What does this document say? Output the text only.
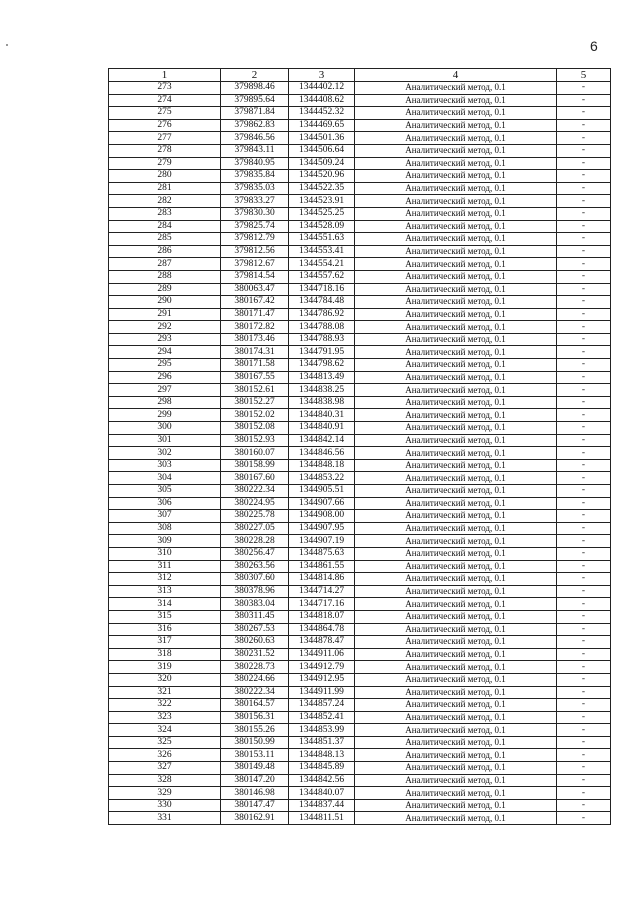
6
1	2	3	4	5
273	379898.46	1344402.12	Аналитический метод, 0.1	-
274	379895.64	1344408.62	Аналитический метод, 0.1	-
275	379871.84	1344452.32	Аналитический метод, 0.1	-
276	379862.83	1344469.65	Аналитический метод, 0.1	-
277	379846.56	1344501.36	Аналитический метод, 0.1	-
278	379843.11	1344506.64	Аналитический метод, 0.1	-
279	379840.95	1344509.24	Аналитический метод, 0.1	-
280	379835.84	1344520.96	Аналитический метод, 0.1	-
281	379835.03	1344522.35	Аналитический метод, 0.1	-
282	379833.27	1344523.91	Аналитический метод, 0.1	-
283	379830.30	1344525.25	Аналитический метод, 0.1	-
284	379825.74	1344528.09	Аналитический метод, 0.1	-
285	379812.79	1344551.63	Аналитический метод, 0.1	-
286	379812.56	1344553.41	Аналитический метод, 0.1	-
287	379812.67	1344554.21	Аналитический метод, 0.1	-
288	379814.54	1344557.62	Аналитический метод, 0.1	-
289	380063.47	1344718.16	Аналитический метод, 0.1	-
290	380167.42	1344784.48	Аналитический метод, 0.1	-
291	380171.47	1344786.92	Аналитический метод, 0.1	-
292	380172.82	1344788.08	Аналитический метод, 0.1	-
293	380173.46	1344788.93	Аналитический метод, 0.1	-
294	380174.31	1344791.95	Аналитический метод, 0.1	-
295	380171.58	1344798.62	Аналитический метод, 0.1	-
296	380167.55	1344813.49	Аналитический метод, 0.1	-
297	380152.61	1344838.25	Аналитический метод, 0.1	-
298	380152.27	1344838.98	Аналитический метод, 0.1	-
299	380152.02	1344840.31	Аналитический метод, 0.1	-
300	380152.08	1344840.91	Аналитический метод, 0.1	-
301	380152.93	1344842.14	Аналитический метод, 0.1	-
302	380160.07	1344846.56	Аналитический метод, 0.1	-
303	380158.99	1344848.18	Аналитический метод, 0.1	-
304	380167.60	1344853.22	Аналитический метод, 0.1	-
305	380222.34	1344905.51	Аналитический метод, 0.1	-
306	380224.95	1344907.66	Аналитический метод, 0.1	-
307	380225.78	1344908.00	Аналитический метод, 0.1	-
308	380227.05	1344907.95	Аналитический метод, 0.1	-
309	380228.28	1344907.19	Аналитический метод, 0.1	-
310	380256.47	1344875.63	Аналитический метод, 0.1	-
311	380263.56	1344861.55	Аналитический метод, 0.1	-
312	380307.60	1344814.86	Аналитический метод, 0.1	-
313	380378.96	1344714.27	Аналитический метод, 0.1	-
314	380383.04	1344717.16	Аналитический метод, 0.1	-
315	380311.45	1344818.07	Аналитический метод, 0.1	-
316	380267.53	1344864.78	Аналитический метод, 0.1	-
317	380260.63	1344878.47	Аналитический метод, 0.1	-
318	380231.52	1344911.06	Аналитический метод, 0.1	-
319	380228.73	1344912.79	Аналитический метод, 0.1	-
320	380224.66	1344912.95	Аналитический метод, 0.1	-
321	380222.34	1344911.99	Аналитический метод, 0.1	-
322	380164.57	1344857.24	Аналитический метод, 0.1	-
323	380156.31	1344852.41	Аналитический метод, 0.1	-
324	380155.26	1344853.99	Аналитический метод, 0.1	-
325	380150.99	1344851.37	Аналитический метод, 0.1	-
326	380153.11	1344848.13	Аналитический метод, 0.1	-
327	380149.48	1344845.89	Аналитический метод, 0.1	-
328	380147.20	1344842.56	Аналитический метод, 0.1	-
329	380146.98	1344840.07	Аналитический метод, 0.1	-
330	380147.47	1344837.44	Аналитический метод, 0.1	-
331	380162.91	1344811.51	Аналитический метод, 0.1	-
